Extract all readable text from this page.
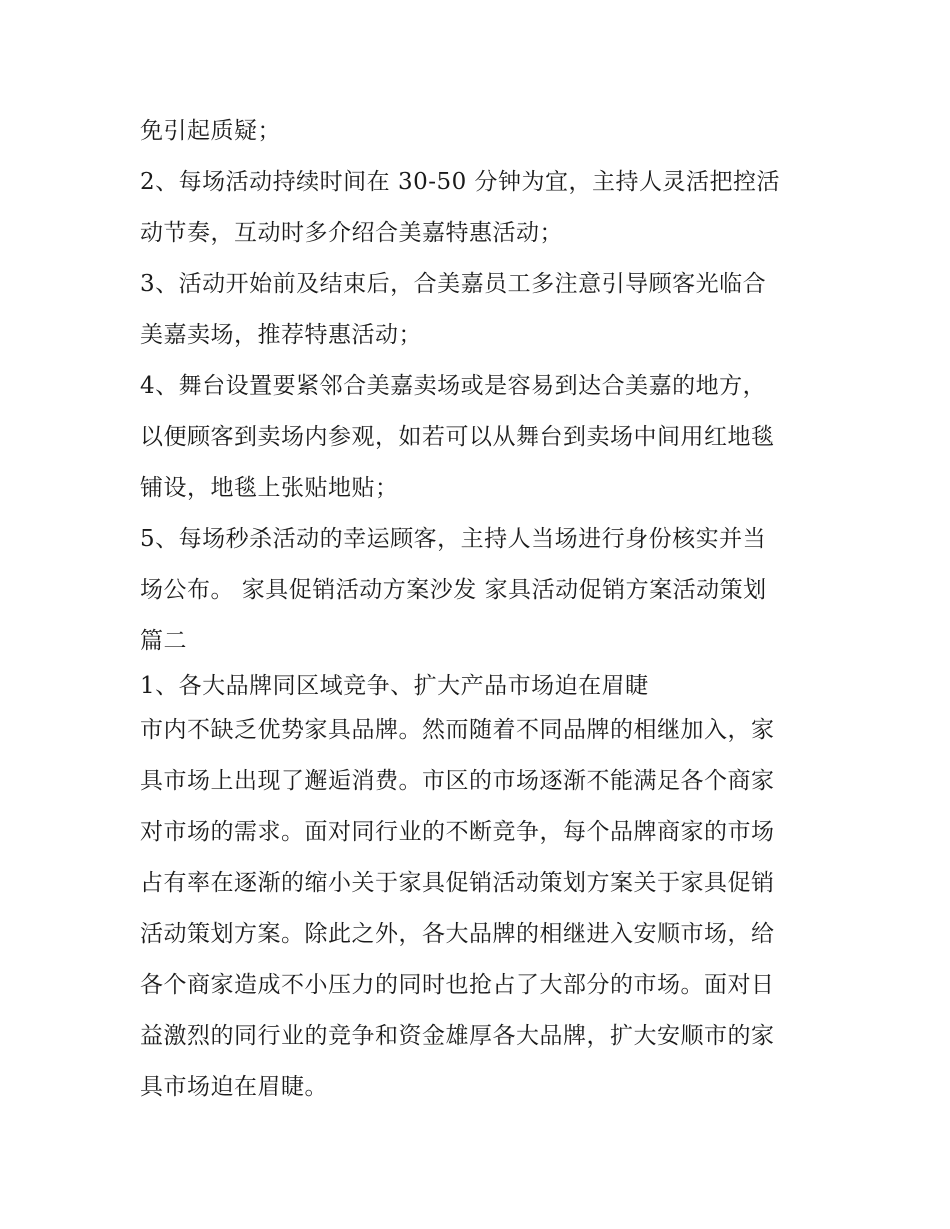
免引起质疑；
2、每场活动持续时间在 30-50 分钟为宜，主持人灵活把控活
动节奏，互动时多介绍合美嘉特惠活动；
3、活动开始前及结束后，合美嘉员工多注意引导顾客光临合
美嘉卖场，推荐特惠活动；
4、舞台设置要紧邻合美嘉卖场或是容易到达合美嘉的地方，
以便顾客到卖场内参观，如若可以从舞台到卖场中间用红地毯
铺设，地毯上张贴地贴；
5、每场秒杀活动的幸运顾客，主持人当场进行身份核实并当
场公布。 家具促销活动方案沙发 家具活动促销方案活动策划
篇二
1、各大品牌同区域竞争、扩大产品市场迫在眉睫
市内不缺乏优势家具品牌。然而随着不同品牌的相继加入，家
具市场上出现了邂逅消费。市区的市场逐渐不能满足各个商家
对市场的需求。面对同行业的不断竞争，每个品牌商家的市场
占有率在逐渐的缩小关于家具促销活动策划方案关于家具促销
活动策划方案。除此之外，各大品牌的相继进入安顺市场，给
各个商家造成不小压力的同时也抢占了大部分的市场。面对日
益激烈的同行业的竞争和资金雄厚各大品牌，扩大安顺市的家
具市场迫在眉睫。
